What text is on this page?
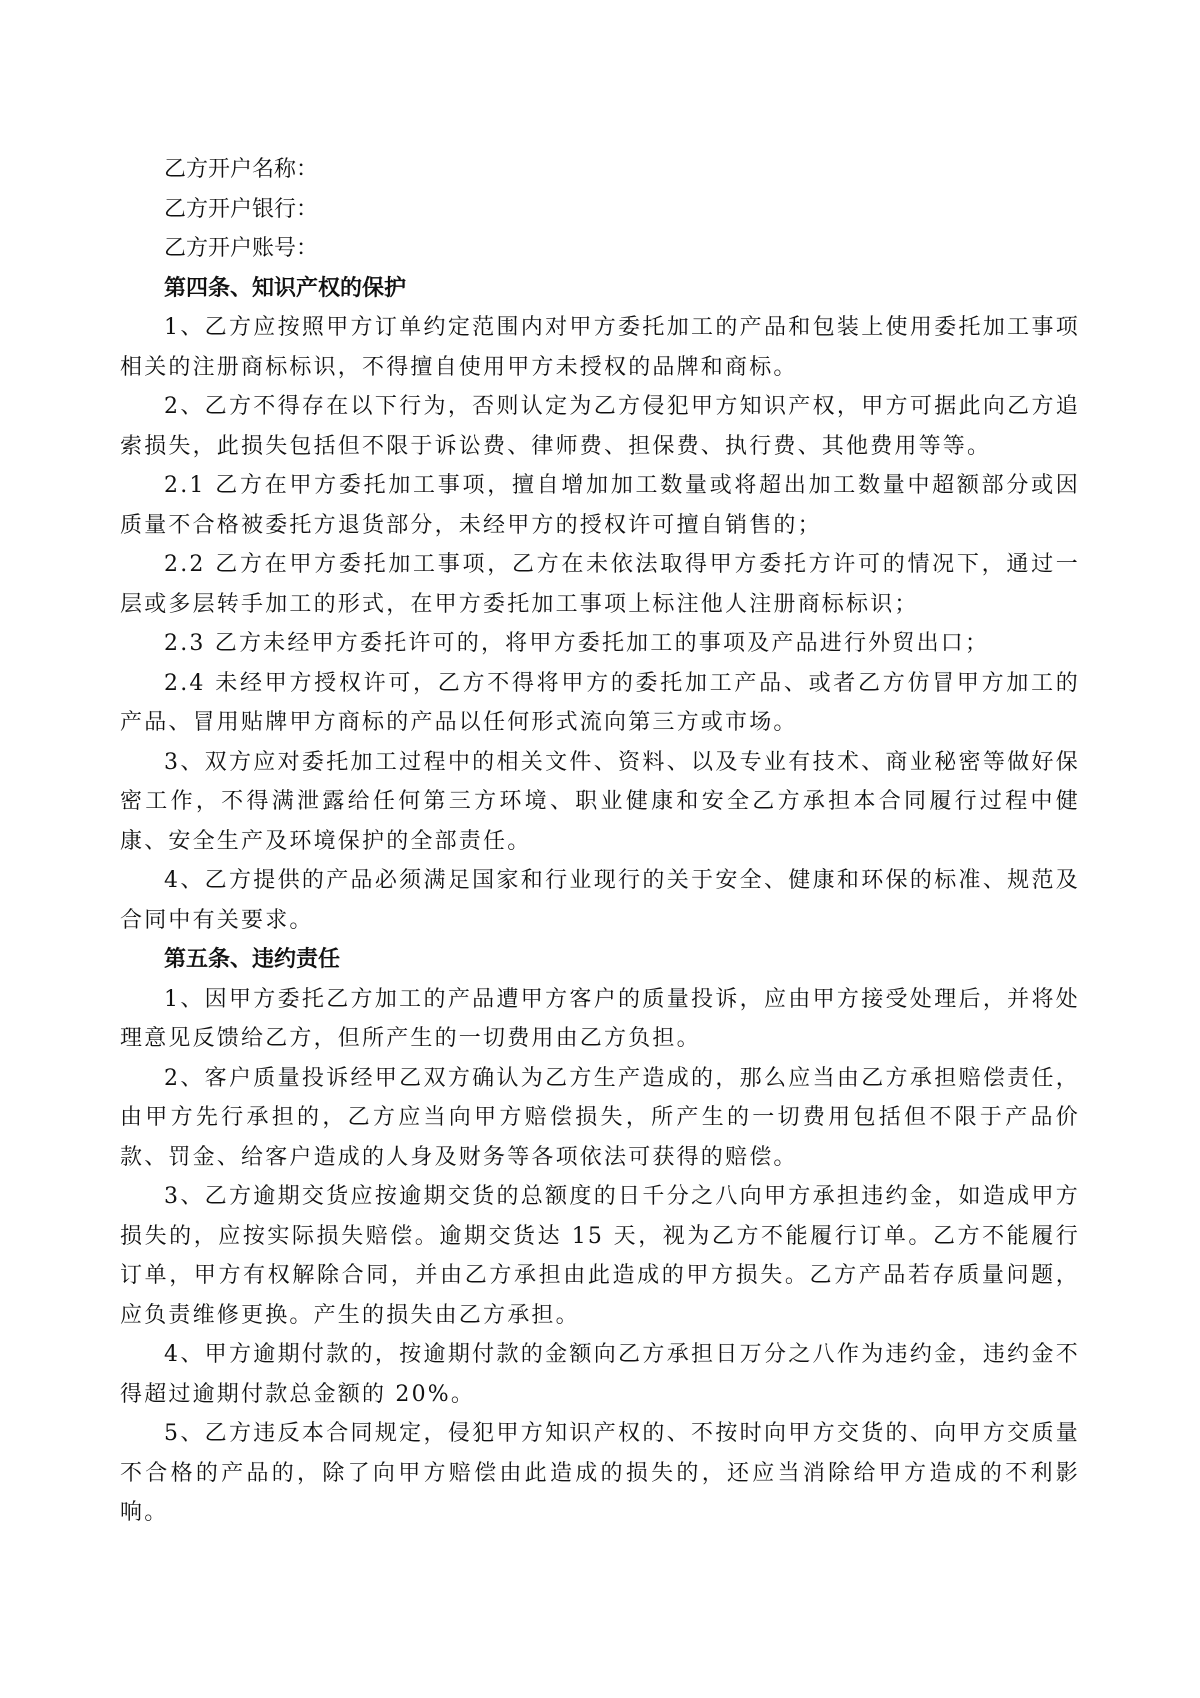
乙方开户名称：

乙方开户银行：

乙方开户账号：

第四条、知识产权的保护

1、乙方应按照甲方订单约定范围内对甲方委托加工的产品和包装上使用委托加工事项相关的注册商标标识，不得擅自使用甲方未授权的品牌和商标。

2、乙方不得存在以下行为，否则认定为乙方侵犯甲方知识产权，甲方可据此向乙方追索损失，此损失包括但不限于诉讼费、律师费、担保费、执行费、其他费用等等。

2.1 乙方在甲方委托加工事项，擅自增加加工数量或将超出加工数量中超额部分或因质量不合格被委托方退货部分，未经甲方的授权许可擅自销售的；

2.2 乙方在甲方委托加工事项，乙方在未依法取得甲方委托方许可的情况下，通过一层或多层转手加工的形式，在甲方委托加工事项上标注他人注册商标标识；

2.3 乙方未经甲方委托许可的，将甲方委托加工的事项及产品进行外贸出口；

2.4 未经甲方授权许可，乙方不得将甲方的委托加工产品、或者乙方仿冒甲方加工的产品、冒用贴牌甲方商标的产品以任何形式流向第三方或市场。

3、双方应对委托加工过程中的相关文件、资料、以及专业有技术、商业秘密等做好保密工作，不得满泄露给任何第三方环境、职业健康和安全乙方承担本合同履行过程中健康、安全生产及环境保护的全部责任。

4、乙方提供的产品必须满足国家和行业现行的关于安全、健康和环保的标准、规范及合同中有关要求。

第五条、违约责任

1、因甲方委托乙方加工的产品遭甲方客户的质量投诉，应由甲方接受处理后，并将处理意见反馈给乙方，但所产生的一切费用由乙方负担。

2、客户质量投诉经甲乙双方确认为乙方生产造成的，那么应当由乙方承担赔偿责任，由甲方先行承担的，乙方应当向甲方赔偿损失，所产生的一切费用包括但不限于产品价款、罚金、给客户造成的人身及财务等各项依法可获得的赔偿。

3、乙方逾期交货应按逾期交货的总额度的日千分之八向甲方承担违约金，如造成甲方损失的，应按实际损失赔偿。逾期交货达 15 天，视为乙方不能履行订单。乙方不能履行订单，甲方有权解除合同，并由乙方承担由此造成的甲方损失。乙方产品若存质量问题，应负责维修更换。产生的损失由乙方承担。

4、甲方逾期付款的，按逾期付款的金额向乙方承担日万分之八作为违约金，违约金不得超过逾期付款总金额的 20%。

5、乙方违反本合同规定，侵犯甲方知识产权的、不按时向甲方交货的、向甲方交质量不合格的产品的，除了向甲方赔偿由此造成的损失的，还应当消除给甲方造成的不利影响。
